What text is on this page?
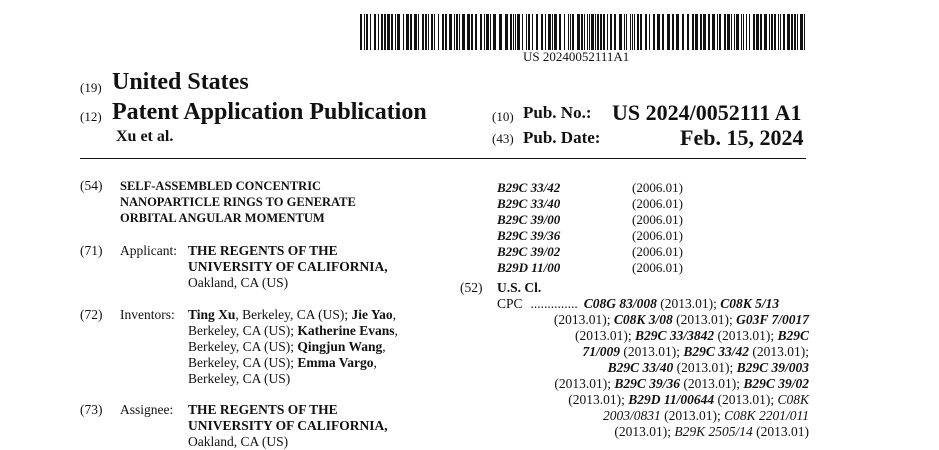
US 20240052111A1
(19) United States
(12) Patent Application Publication
Xu et al.
(10) Pub. No.: US 2024/0052111 A1
(43) Pub. Date:	Feb. 15, 2024
(54) SELF-ASSEMBLED CONCENTRIC
NANOPARTICLE RINGS TO GENERATE
ORBITAL ANGULAR MOMENTUM
(71) Applicant: THE REGENTS OF THE
UNIVERSITY OF CALIFORNIA,
Oakland, CA (US)
(72) Inventors: Ting Xu, Berkeley, CA (US); Jie Yao,
Berkeley, CA (US); Katherine Evans,
Berkeley, CA (US); Qingjun Wang,
Berkeley, CA (US); Emma Vargo,
Berkeley, CA (US)
(73) Assignee: THE REGENTS OF THE
UNIVERSITY OF CALIFORNIA,
Oakland, CA (US)
B29C 33/42	(2006.01)
B29C 33/40	(2006.01)
B29C 39/00	(2006.01)
B29C 39/36	(2006.01)
B29C 39/02	(2006.01)
B29D 11/00	(2006.01)
(52) U.S. Cl.
CPC .............. C08G 83/008 (2013.01); C08K 5/13
(2013.01); C08K 3/08 (2013.01); G03F 7/0017
(2013.01); B29C 33/3842 (2013.01); B29C
71/009 (2013.01); B29C 33/42 (2013.01);
B29C 33/40 (2013.01); B29C 39/003
(2013.01); B29C 39/36 (2013.01); B29C 39/02
(2013.01); B29D 11/00644 (2013.01); C08K
2003/0831 (2013.01); C08K 2201/011
(2013.01); B29K 2505/14 (2013.01)
